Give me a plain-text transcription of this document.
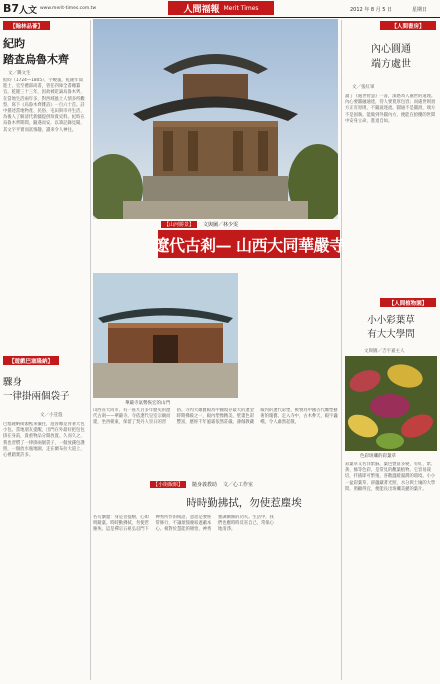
B7 人文 www.merit-times.com.tw	人間福報 Merit Times	2012 年 8 月 5 日	星期日
【翰林品薈】
紀昀
踏查烏魯木齊
文／龔文生
紀昀（1724—1805），字曉嵐，乾隆年間進士，官至禮部尚書，曾任四庫全書總纂官。乾隆三十三年，因故被貶謫烏魯木齊，在當地生活兩年多，對西域風土人情多所觀察，寫下《烏魯木齊雜詩》一百六十首。詩中描述當地物產、民俗、屯田與市井生活，為後人了解清代新疆提供珍貴史料。紀昀在烏魯木齊期間，隨遇而安，以筆記錄見聞，其文字平實而富情趣，讀來令人神往。
【遊戲巴塞隆納】
驟身
一律掛兩個袋子
文／小荳蔻
巴塞隆納街頭熙來攘往，遊客總是背著大包小包。當地朋友提醒，出門在外最好把包包掛在身前，貴重物品分開放置。久而久之，我也習慣了一律掛兩個袋子，一個放錢包護照，一個放水瓶地圖，走在蘭布拉大道上，心裡踏實許多。
【山河勝景】	文與圖／林少雯
遼代古剎— 山西大同華嚴寺
華嚴寺氣勢恢宏的山門
山西省大同市，有一座九百多年歷史的遼代古剎——華嚴寺。寺依遼代皇室宗廟而建，坐西朝東，保留了契丹人崇日的習俗。寺內大雄寶殿為中國現存最大的遼金時期佛殿之一，殿內塑像精美，壁畫色彩豐富，歷經千年風霜依然莊嚴。薄伽教藏殿內的遼代彩塑，被譽為中國古代雕塑藝術的瑰寶。走入寺中，古木參天，殿宇巍峨，令人肅然起敬。
【小街飯館】	隨身義教助 文／心工作室
時時勤拂拭，勿使惹塵埃
名句瀏覽：身是菩提樹，心如明鏡臺。時時勤拂拭，勿使惹塵埃。這是禪宗五祖弘忍門下神秀所作的偈語，意思是要經常修行，不讓煩惱塵垢遮蔽本心。相對於慧能的頓悟，神秀強調漸修的功夫。生活中，我們也應時時反省自己，常保心地清淨。
【人間書房】
內心圓通
端方處世
文／張紅軍
讀了《處世智慧》一書，深感為人處世的道理。內心要圓融通達，待人要寬厚包容；而處世則須方正有原則，不隨波逐流。圓通不是圓滑，端方不是固執。能做到外圓內方，便能在紛擾的世間中安身立命，進退自如。
【人間植物園】
小小彩葉草
有大大學問
文與圖／吉宇嘉主人
色彩斑斕的彩葉草
彩葉草又名洋紫蘇，葉色豐富多變，有紅、紫、黃、綠等色彩，是常見的觀葉植物。它容易栽培，扦插即可繁殖，喜歡溫暖濕潤的環境。小小一盆彩葉草，卻蘊藏著光照、水分與土壤的大學問，照顧得宜，便能長出斑斕美麗的葉片。
